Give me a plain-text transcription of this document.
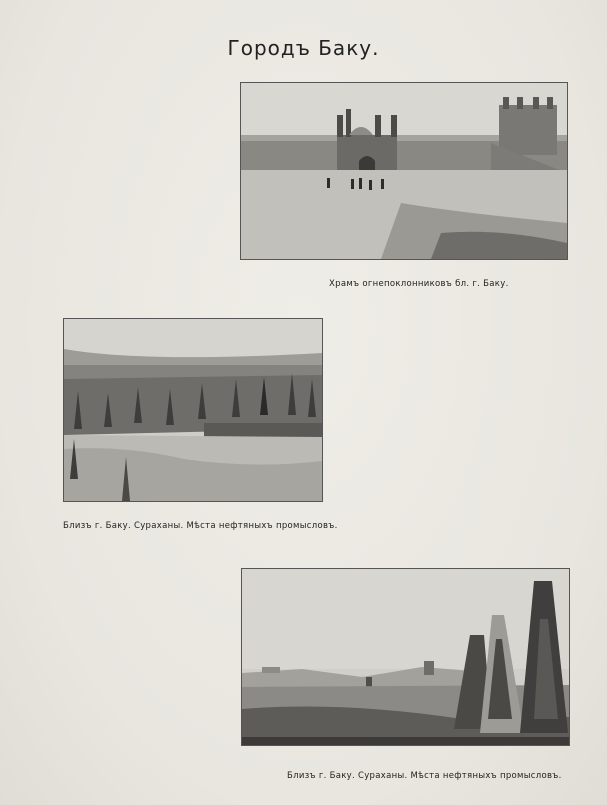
Городъ Баку.
Храмъ огнепоклонниковъ бл. г. Баку.
Близъ г. Баку. Сураханы. Мѣста нефтяныхъ промысловъ.
Близъ г. Баку. Сураханы. Мѣста нефтяныхъ промысловъ.
